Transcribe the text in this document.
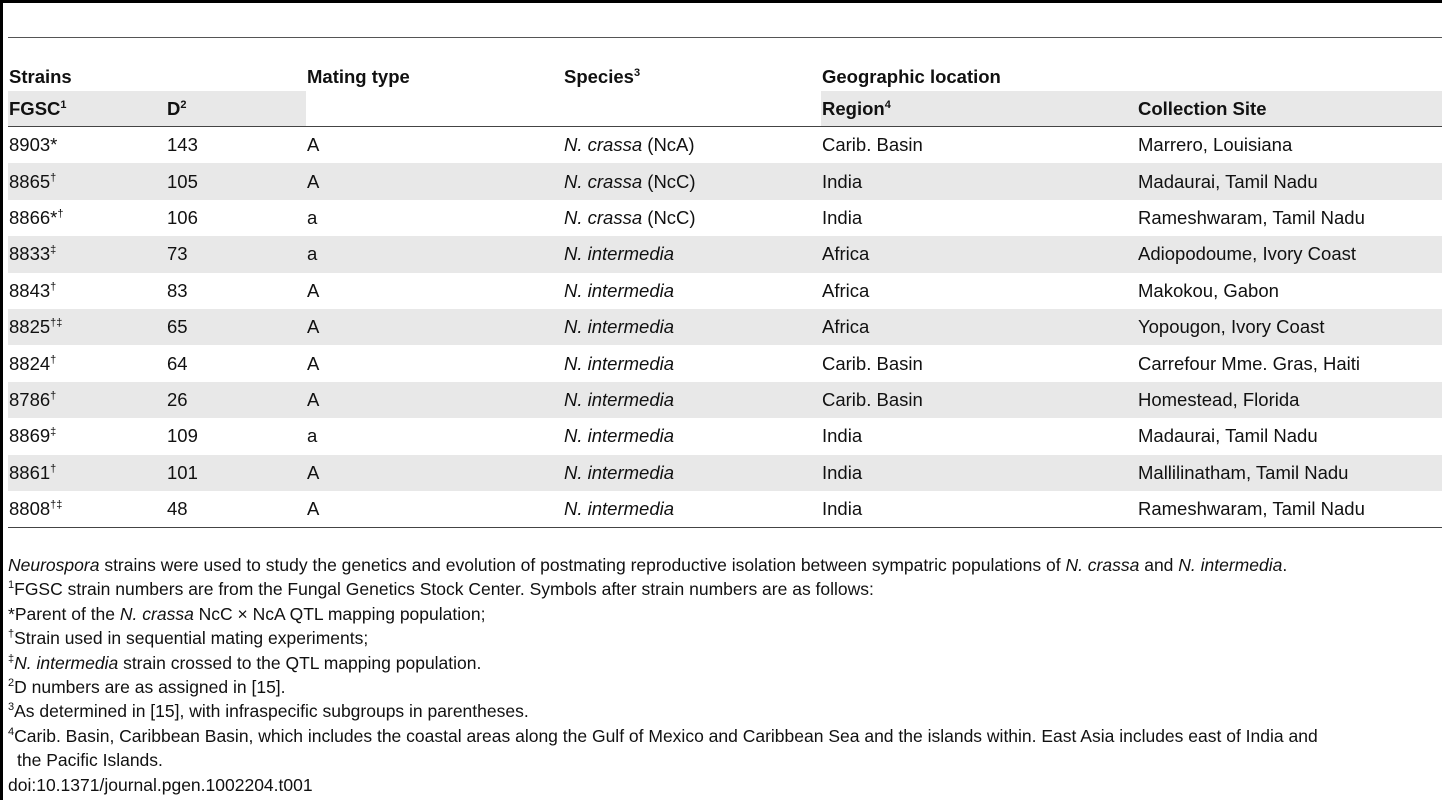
Strains		Mating type	Species$^3$	Geographic location	
FGSC$^1$	$D^2$			Region$^4$	Collection Site
8903*	143	A	N. crassa (NcA)	Carib. Basin	Marrero, Louisiana
8865†	105	A	N. crassa (NcC)	India	Madaurai, Tamil Nadu
8866*†	106	a	N. crassa (NcC)	India	Rameshwaram, Tamil Nadu
8833‡	73	a	N. intermedia	Africa	Adiopodoume, Ivory Coast
8843†	83	A	N. intermedia	Africa	Makokou, Gabon
8825†‡	65	A	N. intermedia	Africa	Yopougon, Ivory Coast
8824†	64	A	N. intermedia	Carib. Basin	Carrefour Mme. Gras, Haiti
8786†	26	A	N. intermedia	Carib. Basin	Homestead, Florida
8869‡	109	a	N. intermedia	India	Madaurai, Tamil Nadu
8861†	101	A	N. intermedia	India	Mallilinatham, Tamil Nadu
8808†‡	48	A	N. intermedia	India	Rameshwaram, Tamil Nadu

Neurospora strains were used to study the genetics and evolution of postmating reproductive isolation between sympatric populations of N. crassa and N. intermedia.

$^1$FGSC strain numbers are from the Fungal Genetics Stock Center. Symbols after strain numbers are as follows:

*Parent of the N. crassa NcC × NcA QTL mapping population;

†Strain used in sequential mating experiments;

‡N. intermedia strain crossed to the QTL mapping population.

$^2$D numbers are as assigned in [15].

$^3$As determined in [15], with infraspecific subgroups in parentheses.

$^4$Carib. Basin, Caribbean Basin, which includes the coastal areas along the Gulf of Mexico and Caribbean Sea and the islands within. East Asia includes east of India and

the Pacific Islands.

doi:10.1371/journal.pgen.1002204.t001
